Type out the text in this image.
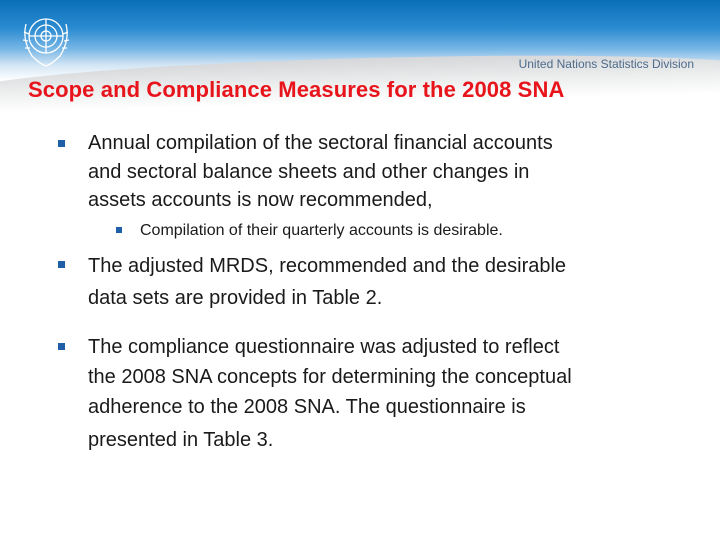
United Nations Statistics Division
Scope and Compliance Measures for the 2008 SNA
Annual compilation of the sectoral financial accounts
and sectoral balance sheets and other changes in
assets accounts is now recommended,
Compilation of their quarterly accounts is desirable.
The adjusted MRDS, recommended and the desirable
data sets are provided in Table 2.
The compliance questionnaire was adjusted to reflect
the 2008 SNA concepts for determining the conceptual
adherence to the 2008 SNA. The questionnaire is
presented in Table 3.
